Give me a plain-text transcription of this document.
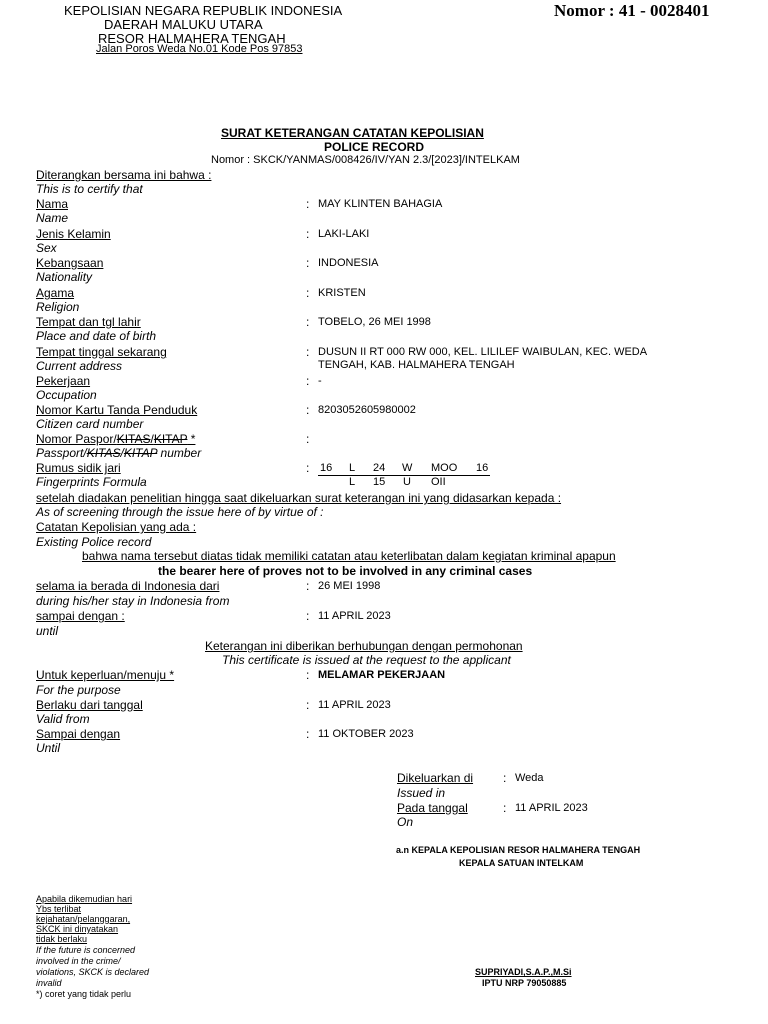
KEPOLISIAN NEGARA REPUBLIK INDONESIA
DAERAH MALUKU UTARA
RESOR HALMAHERA TENGAH
Jalan Poros Weda No.01 Kode Pos 97853
Nomor : 41 - 0028401
SURAT KETERANGAN CATATAN KEPOLISIAN
POLICE RECORD
Nomor : SKCK/YANMAS/008426/IV/YAN 2.3/[2023]/INTELKAM
Diterangkan bersama ini bahwa :
This is to certify that
Nama
Name
: MAY KLINTEN BAHAGIA
Jenis Kelamin
Sex
: LAKI-LAKI
Kebangsaan
Nationality
: INDONESIA
Agama
Religion
: KRISTEN
Tempat dan tgl lahir
Place and date of birth
: TOBELO, 26 MEI 1998
Tempat tinggal sekarang
Current address
: DUSUN II RT 000 RW 000, KEL. LILILEF WAIBULAN, KEC. WEDA
TENGAH, KAB. HALMAHERA TENGAH
Pekerjaan
Occupation
: -
Nomor Kartu Tanda Penduduk
Citizen card number
: 8203052605980002
Nomor Paspor/KITAS/KITAP *
Passport/KITAS/KITAP number
:
Rumus sidik jari
Fingerprints Formula
: 16 L 24 W MOO 16
L 15 U OII
setelah diadakan penelitian hingga saat dikeluarkan surat keterangan ini yang didasarkan kepada :
As of screening through the issue here of by virtue of :
Catatan Kepolisian yang ada :
Existing Police record
bahwa nama tersebut diatas tidak memiliki catatan atau keterlibatan dalam kegiatan kriminal apapun
the bearer here of proves not to be involved in any criminal cases
selama ia berada di Indonesia dari
during his/her stay in Indonesia from
: 26 MEI 1998
sampai dengan :
until
: 11 APRIL 2023
Keterangan ini diberikan berhubungan dengan permohonan
This certificate is issued at the request to the applicant
Untuk keperluan/menuju *
For the purpose
: MELAMAR PEKERJAAN
Berlaku dari tanggal
Valid from
: 11 APRIL 2023
Sampai dengan
Until
: 11 OKTOBER 2023
Dikeluarkan di
Issued in
: Weda
Pada tanggal
On
: 11 APRIL 2023
a.n KEPALA KEPOLISIAN RESOR HALMAHERA TENGAH
KEPALA SATUAN INTELKAM
SUPRIYADI,S.A.P.,M.Si
IPTU NRP 79050885
Apabila dikemudian hari
Ybs terlibat
kejahatan/pelanggaran,
SKCK ini dinyatakan
tidak berlaku
If the future is concerned
involved in the crime/
violations, SKCK is declared
invalid
*) coret yang tidak perlu
